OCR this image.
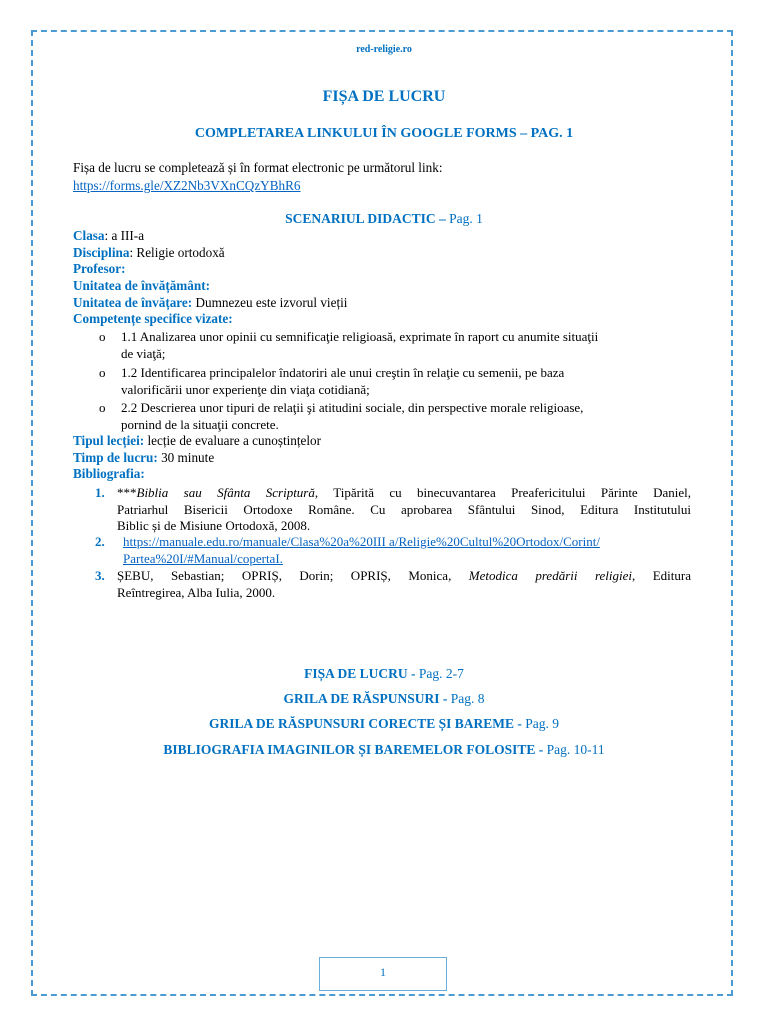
red-religie.ro
FIȘA DE LUCRU
COMPLETAREA LINKULUI ÎN GOOGLE FORMS – PAG. 1
Fișa de lucru se completează și în format electronic pe următorul link:
https://forms.gle/XZ2Nb3VXnCQzYBhR6
SCENARIUL DIDACTIC – Pag. 1
Clasa: a III-a
Disciplina: Religie ortodoxă
Profesor:
Unitatea de învățământ:
Unitatea de învățare: Dumnezeu este izvorul vieții
Competențe specifice vizate:
o 1.1 Analizarea unor opinii cu semnificaţie religioasă, exprimate în raport cu anumite situaţii
de viaţă;
o 1.2 Identificarea principalelor îndatoriri ale unui creştin în relaţie cu semenii, pe baza
valorificării unor experienţe din viaţa cotidiană;
o 2.2 Descrierea unor tipuri de relaţii şi atitudini sociale, din perspective morale religioase,
pornind de la situaţii concrete.
Tipul lecției: lecție de evaluare a cunoștințelor
Timp de lucru: 30 minute
Bibliografia:
1. ***Biblia sau Sfânta Scriptură, Tipărită cu binecuvantarea Preafericitului Părinte Daniel,
Patriarhul Bisericii Ortodoxe Române. Cu aprobarea Sfântului Sinod, Editura Institutului
Biblic și de Misiune Ortodoxă, 2008.
2. https://manuale.edu.ro/manuale/Clasa%20a%20III a/Religie%20Cultul%20Ortodox/Corint/
Partea%20I/#Manual/copertaI.
3. ȘEBU, Sebastian; OPRIȘ, Dorin; OPRIȘ, Monica, Metodica predării religiei, Editura
Reîntregirea, Alba Iulia, 2000.
FIȘA DE LUCRU - Pag. 2-7
GRILA DE RĂSPUNSURI - Pag. 8
GRILA DE RĂSPUNSURI CORECTE ȘI BAREME - Pag. 9
BIBLIOGRAFIA IMAGINILOR ȘI BAREMELOR FOLOSITE - Pag. 10-11
1
